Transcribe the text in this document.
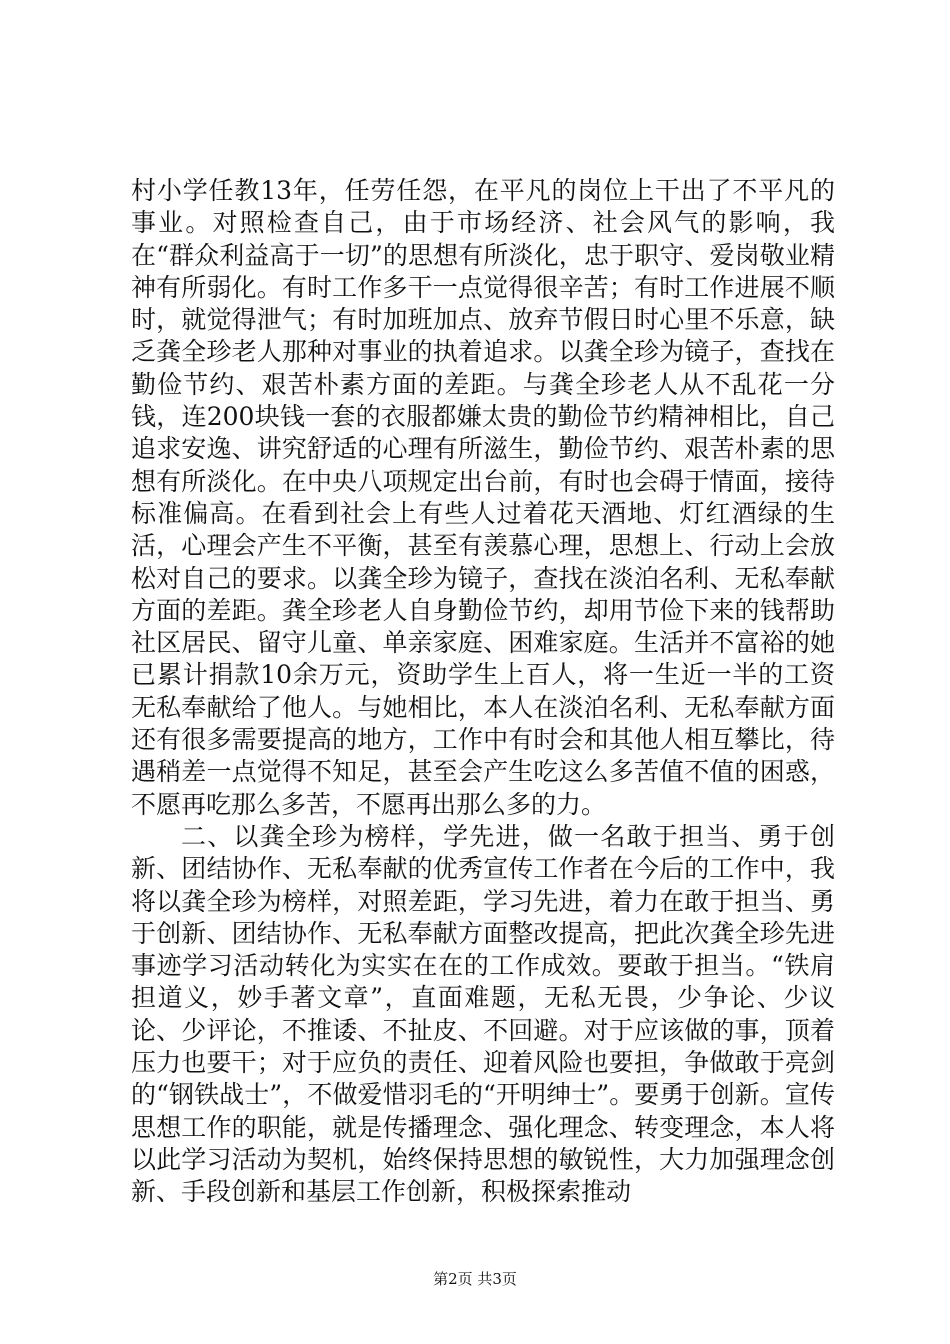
村小学任教13年，任劳任怨，在平凡的岗位上干出了不平凡的事业。对照检查自己，由于市场经济、社会风气的影响，我在“群众利益高于一切”的思想有所淡化，忠于职守、爱岗敬业精神有所弱化。有时工作多干一点觉得很辛苦；有时工作进展不顺时，就觉得泄气；有时加班加点、放弃节假日时心里不乐意，缺乏龚全珍老人那种对事业的执着追求。以龚全珍为镜子，查找在勤俭节约、艰苦朴素方面的差距。与龚全珍老人从不乱花一分钱，连200块钱一套的衣服都嫌太贵的勤俭节约精神相比，自己追求安逸、讲究舒适的心理有所滋生，勤俭节约、艰苦朴素的思想有所淡化。在中央八项规定出台前，有时也会碍于情面，接待标准偏高。在看到社会上有些人过着花天酒地、灯红酒绿的生活，心理会产生不平衡，甚至有羡慕心理，思想上、行动上会放松对自己的要求。以龚全珍为镜子，查找在淡泊名利、无私奉献方面的差距。龚全珍老人自身勤俭节约，却用节俭下来的钱帮助社区居民、留守儿童、单亲家庭、困难家庭。生活并不富裕的她已累计捐款10余万元，资助学生上百人，将一生近一半的工资无私奉献给了他人。与她相比，本人在淡泊名利、无私奉献方面还有很多需要提高的地方，工作中有时会和其他人相互攀比，待遇稍差一点觉得不知足，甚至会产生吃这么多苦值不值的困惑，不愿再吃那么多苦，不愿再出那么多的力。

二、以龚全珍为榜样，学先进，做一名敢于担当、勇于创新、团结协作、无私奉献的优秀宣传工作者在今后的工作中，我将以龚全珍为榜样，对照差距，学习先进，着力在敢于担当、勇于创新、团结协作、无私奉献方面整改提高，把此次龚全珍先进事迹学习活动转化为实实在在的工作成效。要敢于担当。“铁肩担道义，妙手著文章”，直面难题，无私无畏，少争论、少议论、少评论，不推诿、不扯皮、不回避。对于应该做的事，顶着压力也要干；对于应负的责任、迎着风险也要担，争做敢于亮剑的“钢铁战士”，不做爱惜羽毛的“开明绅士”。要勇于创新。宣传思想工作的职能，就是传播理念、强化理念、转变理念，本人将以此学习活动为契机，始终保持思想的敏锐性，大力加强理念创新、手段创新和基层工作创新，积极探索推动

第2页 共3页
